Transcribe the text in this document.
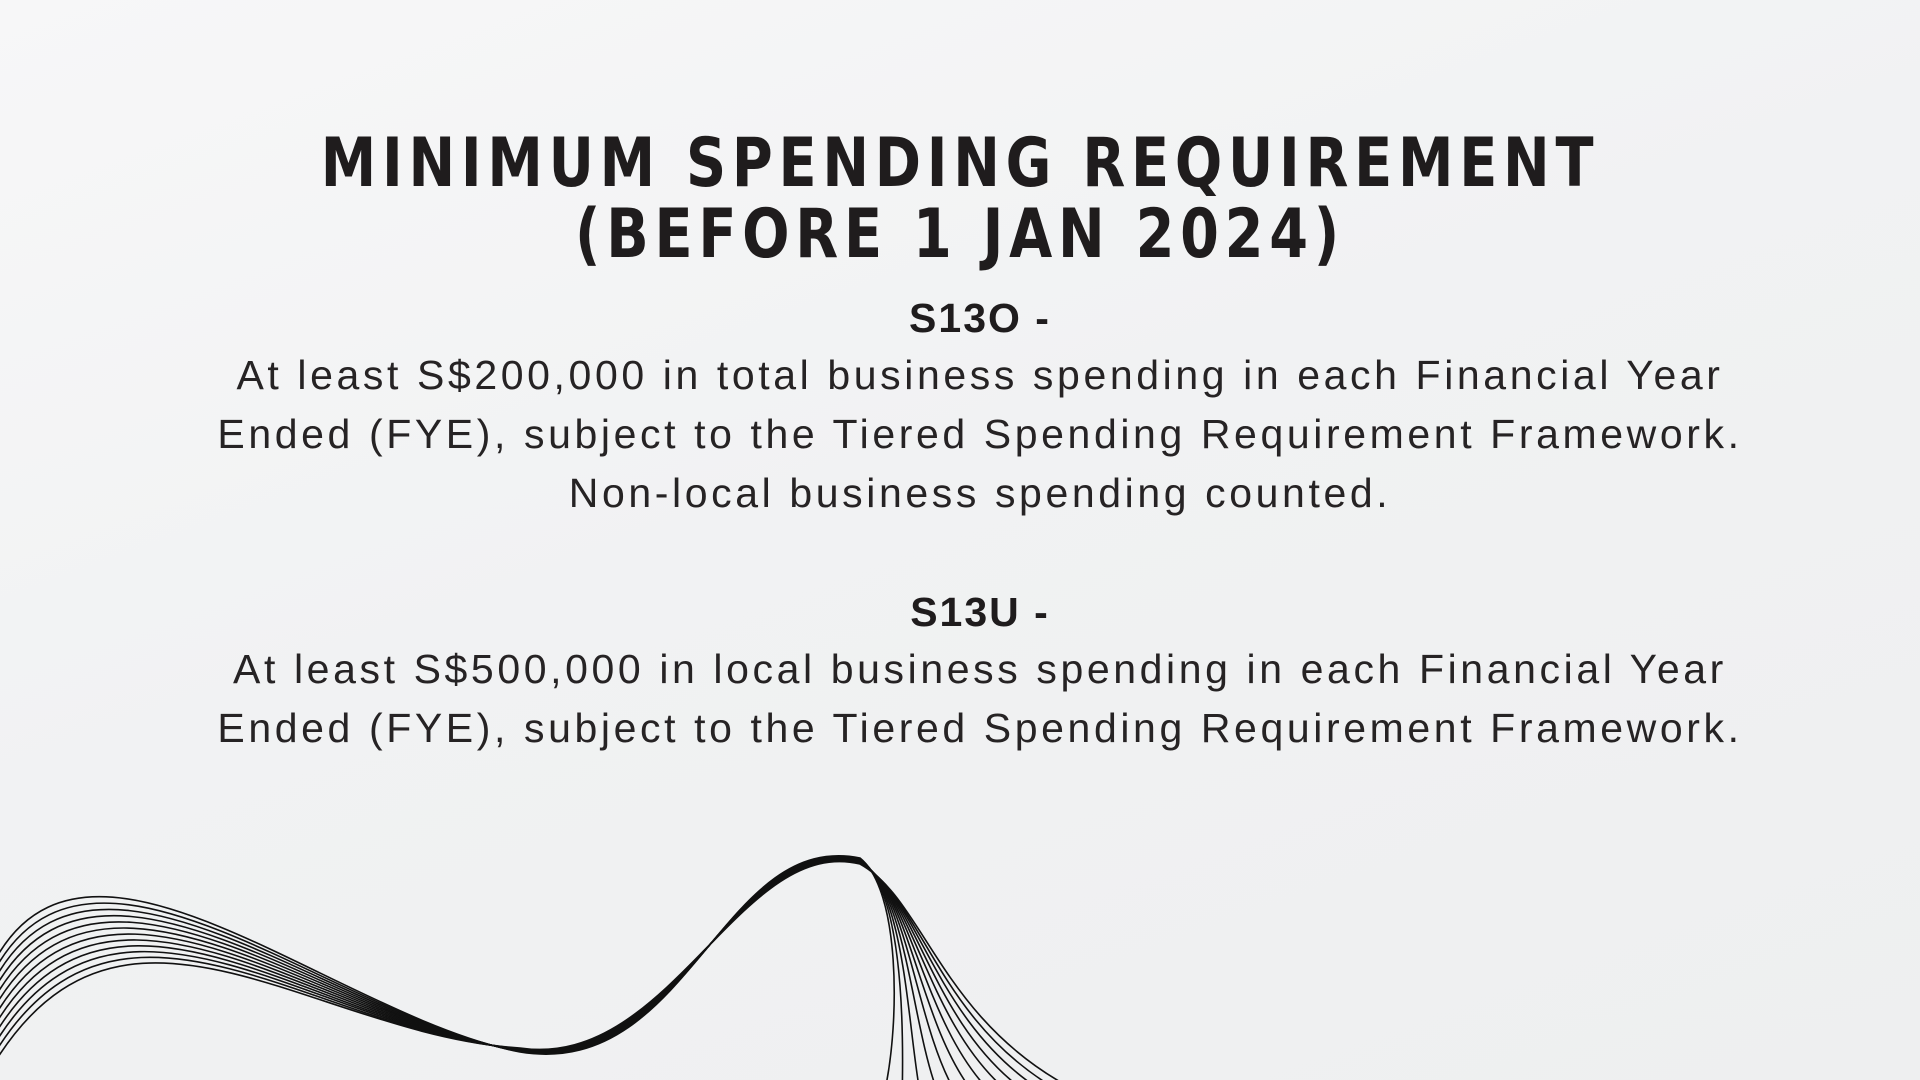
MINIMUM SPENDING REQUIREMENT
(BEFORE 1 JAN 2024)
S13O -
At least S$200,000 in total business spending in each Financial Year
Ended (FYE), subject to the Tiered Spending Requirement Framework.
Non-local business spending counted.
S13U -
At least S$500,000 in local business spending in each Financial Year
Ended (FYE), subject to the Tiered Spending Requirement Framework.
